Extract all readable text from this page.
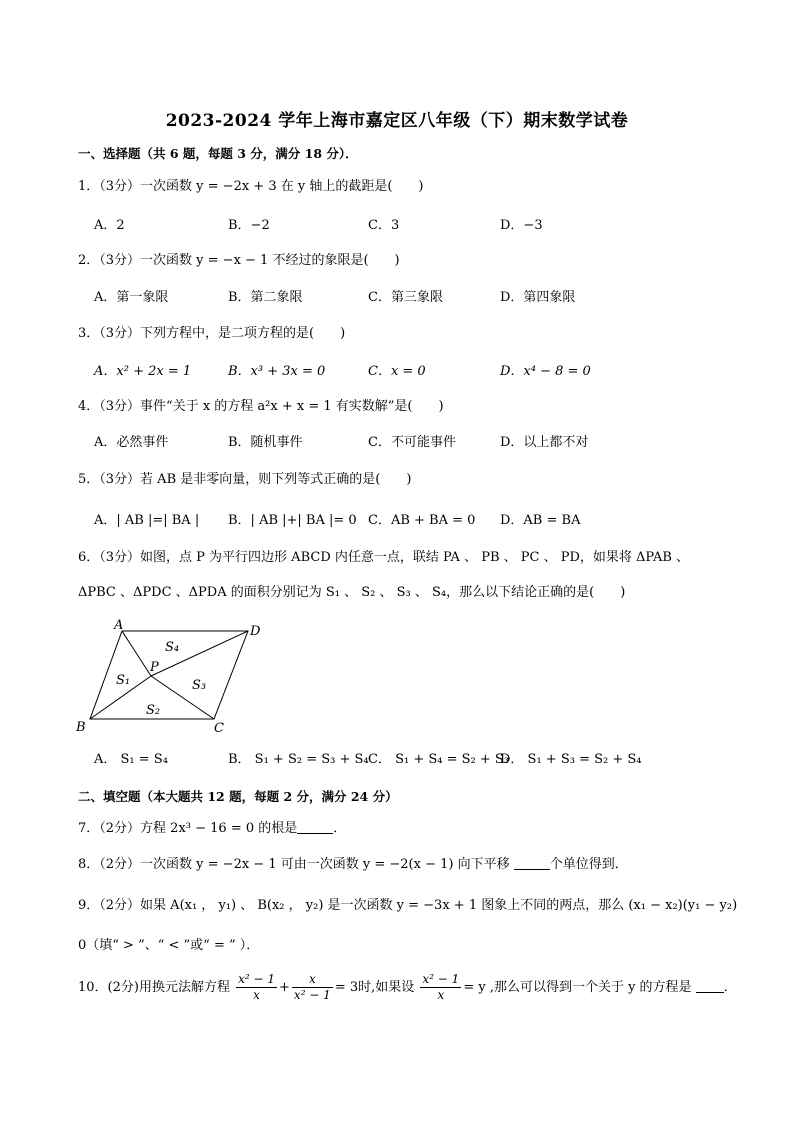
2023-2024 学年上海市嘉定区八年级（下）期末数学试卷
一、选择题（共 6 题，每题 3 分，满分 18 分）．
1．（3分）一次函数 y = −2x + 3 在 y 轴上的截距是(　　)
A．2	B．−2	C．3	D．−3
2．（3分）一次函数 y = −x − 1 不经过的象限是(　　)
A．第一象限	B．第二象限	C．第三象限	D．第四象限
3．（3分）下列方程中，是二项方程的是(　　)
A．x² + 2x = 1	B．x³ + 3x = 0	C．x = 0	D．x⁴ − 8 = 0
4．（3分）事件“关于 x 的方程 a²x + x = 1 有实数解”是(　　)
A．必然事件	B．随机事件	C．不可能事件	D．以上都不对
5．（3分）若 AB 是非零向量，则下列等式正确的是(　　)
A．| AB |=| BA | B．| AB |+| BA |= 0 C．AB + BA = 0 D．AB = BA
6．（3分）如图，点 P 为平行四边形 ABCD 内任意一点，联结 PA 、 PB 、 PC 、 PD，如果将 ΔPAB 、
ΔPBC 、ΔPDC 、ΔPDA 的面积分别记为 S₁ 、 S₂ 、 S₃ 、 S₄，那么以下结论正确的是(　　)
A	D
B	C
P
S₄
S₁	S₃
S₂
A． S₁ = S₄	B． S₁ + S₂ = S₃ + S₄ C． S₁ + S₄ = S₂ + S₃
D． S₁ + S₃ = S₂ + S₄
二、填空题（本大题共 12 题，每题 2 分，满分 24 分）
7．（2分）方程 2x³ − 16 = 0 的根是	．
8．（2分）一次函数 y = −2x − 1 可由一次函数 y = −2(x − 1) 向下平移	个单位得到．
9．（2分）如果 A(x₁ ， y₁) 、 B(x₂ ， y₂) 是一次函数 y = −3x + 1 图象上不同的两点，那么 (x₁ − x₂)(y₁ − y₂)
0（填“ > ”、“ < ”或“ = ” ）．
10．(2分)用换元法解方程 $\frac{\text{x² − 1}}{x} + \frac{x}{\text{x² − 1}} = 3$时,如果设 $\frac{\text{x² − 1}}{x} = y$ ,那么可以得到一个关于 y 的方程是 ．
